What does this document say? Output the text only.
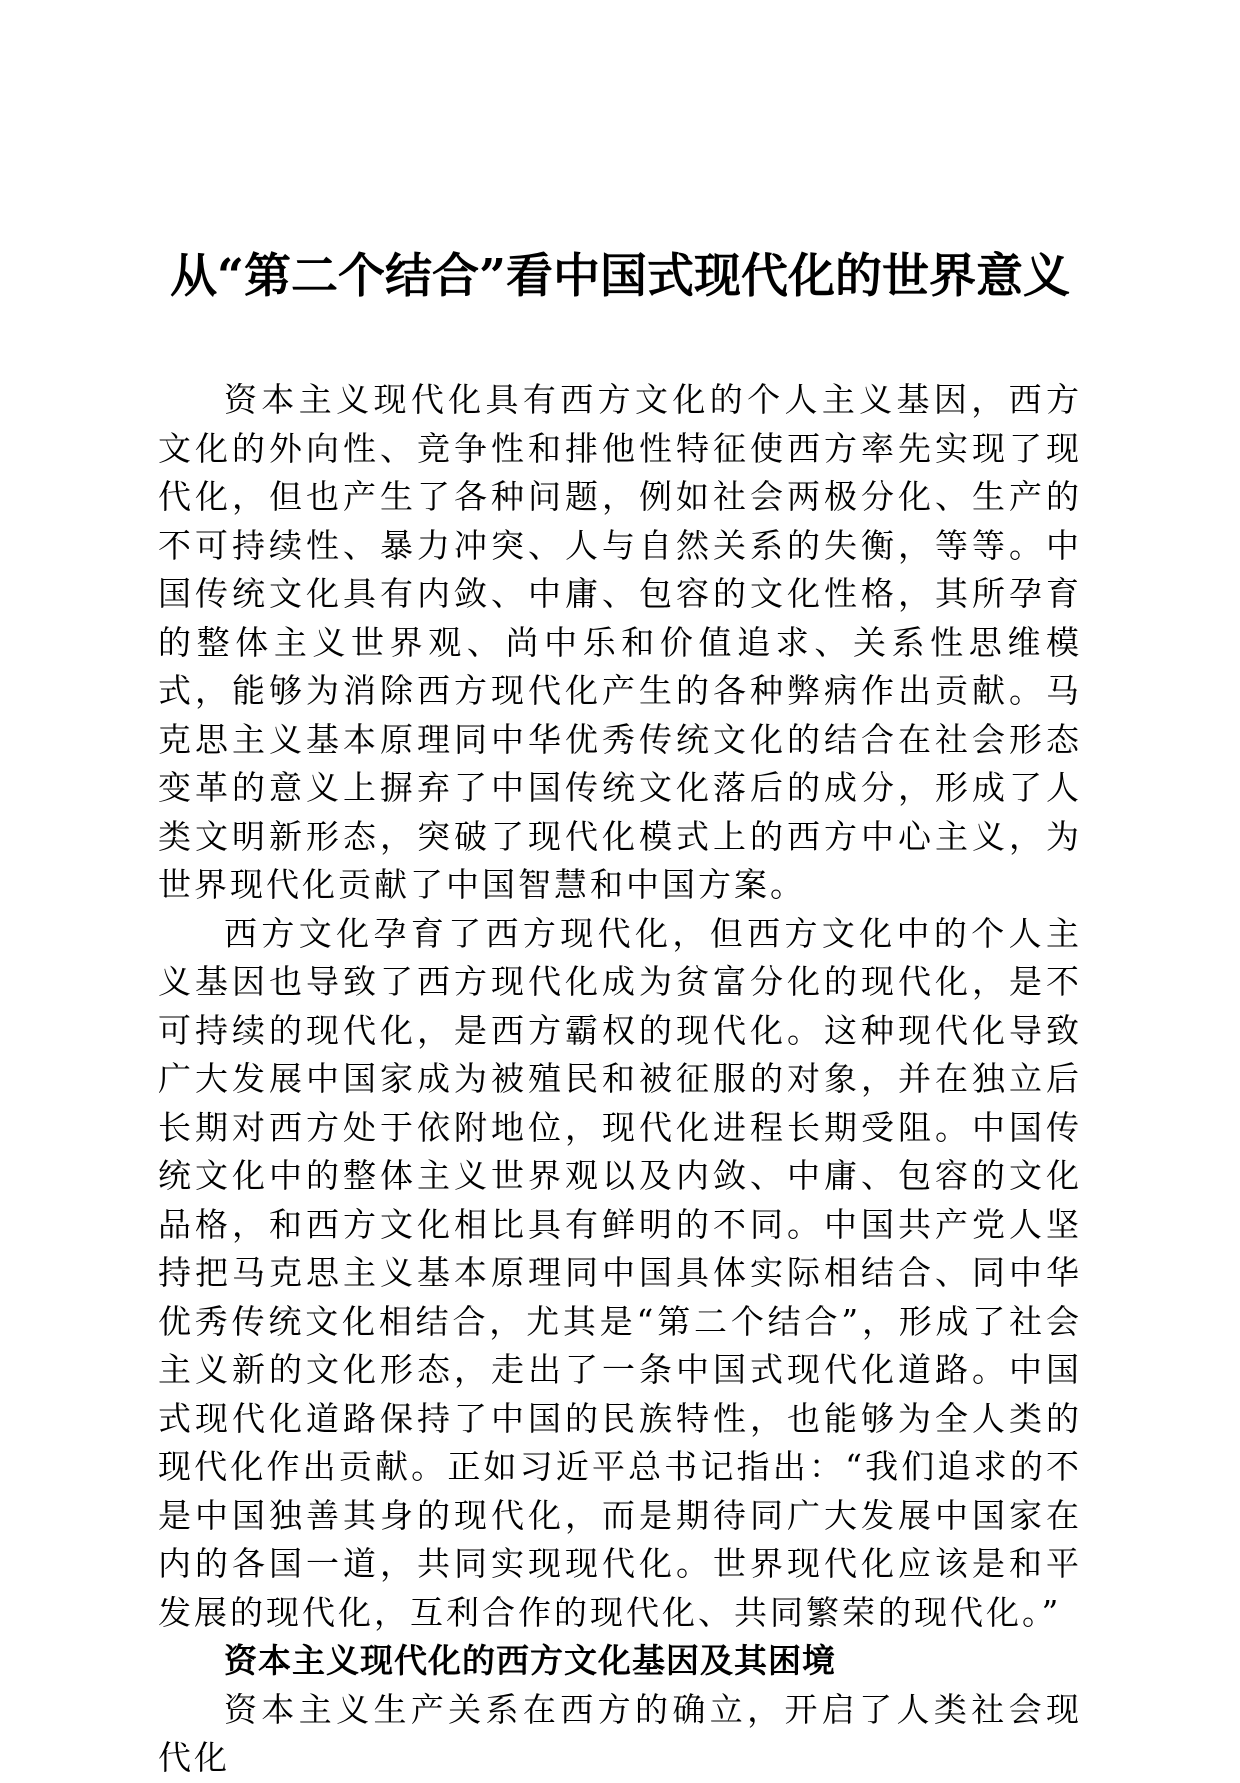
从“第二个结合”看中国式现代化的世界意义

资本主义现代化具有西方文化的个人主义基因，西方文化的外向性、竞争性和排他性特征使西方率先实现了现代化，但也产生了各种问题，例如社会两极分化、生产的不可持续性、暴力冲突、人与自然关系的失衡，等等。中国传统文化具有内敛、中庸、包容的文化性格，其所孕育的整体主义世界观、尚中乐和价值追求、关系性思维模式，能够为消除西方现代化产生的各种弊病作出贡献。马克思主义基本原理同中华优秀传统文化的结合在社会形态变革的意义上摒弃了中国传统文化落后的成分，形成了人类文明新形态，突破了现代化模式上的西方中心主义，为世界现代化贡献了中国智慧和中国方案。

西方文化孕育了西方现代化，但西方文化中的个人主义基因也导致了西方现代化成为贫富分化的现代化，是不可持续的现代化，是西方霸权的现代化。这种现代化导致广大发展中国家成为被殖民和被征服的对象，并在独立后长期对西方处于依附地位，现代化进程长期受阻。中国传统文化中的整体主义世界观以及内敛、中庸、包容的文化品格，和西方文化相比具有鲜明的不同。中国共产党人坚持把马克思主义基本原理同中国具体实际相结合、同中华优秀传统文化相结合，尤其是“第二个结合”，形成了社会主义新的文化形态，走出了一条中国式现代化道路。中国式现代化道路保持了中国的民族特性，也能够为全人类的现代化作出贡献。正如习近平总书记指出：“我们追求的不是中国独善其身的现代化，而是期待同广大发展中国家在内的各国一道，共同实现现代化。世界现代化应该是和平发展的现代化，互利合作的现代化、共同繁荣的现代化。”

资本主义现代化的西方文化基因及其困境

资本主义生产关系在西方的确立，开启了人类社会现代化
